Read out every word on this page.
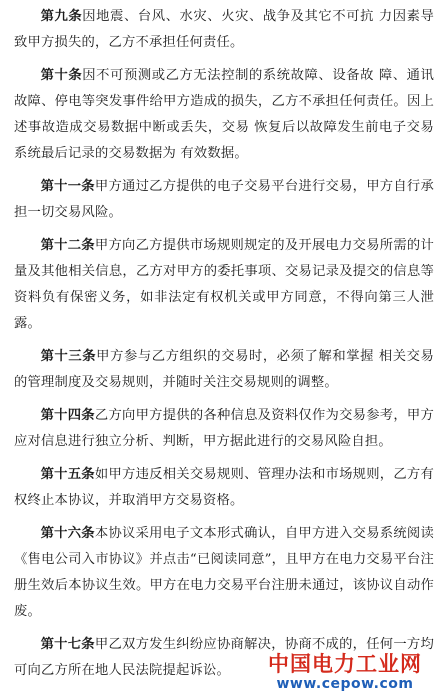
第九条因地震、台风、水灾、火灾、战争及其它不可抗 力因素导致甲方损失的，乙方不承担任何责任。

第十条因不可预测或乙方无法控制的系统故障、设备故 障、通讯故障、停电等突发事件给甲方造成的损失，乙方不承担任何责任。因上述事故造成交易数据中断或丢失，交易 恢复后以故障发生前电子交易系统最后记录的交易数据为 有效数据。

第十一条甲方通过乙方提供的电子交易平台进行交易，甲方自行承担一切交易风险。

第十二条甲方向乙方提供市场规则规定的及开展电力交易所需的计量及其他相关信息，乙方对甲方的委托事项、交易记录及提交的信息等资料负有保密义务，如非法定有权机关或甲方同意，不得向第三人泄露。

第十三条甲方参与乙方组织的交易时，必须了解和掌握 相关交易的管理制度及交易规则，并随时关注交易规则的调整。

第十四条乙方向甲方提供的各种信息及资料仅作为交易参考，甲方应对信息进行独立分析、判断，甲方据此进行的交易风险自担。

第十五条如甲方违反相关交易规则、管理办法和市场规则，乙方有权终止本协议，并取消甲方交易资格。

第十六条本协议采用电子文本形式确认，自甲方进入交易系统阅读《售电公司入市协议》并点击“已阅读同意”，且甲方在电力交易平台注册生效后本协议生效。甲方在电力交易平台注册未通过，该协议自动作废。

第十七条甲乙双方发生纠纷应协商解决，协商不成的，任何一方均可向乙方所在地人民法院提起诉讼。	中国电力工业网
www.cepow.com
